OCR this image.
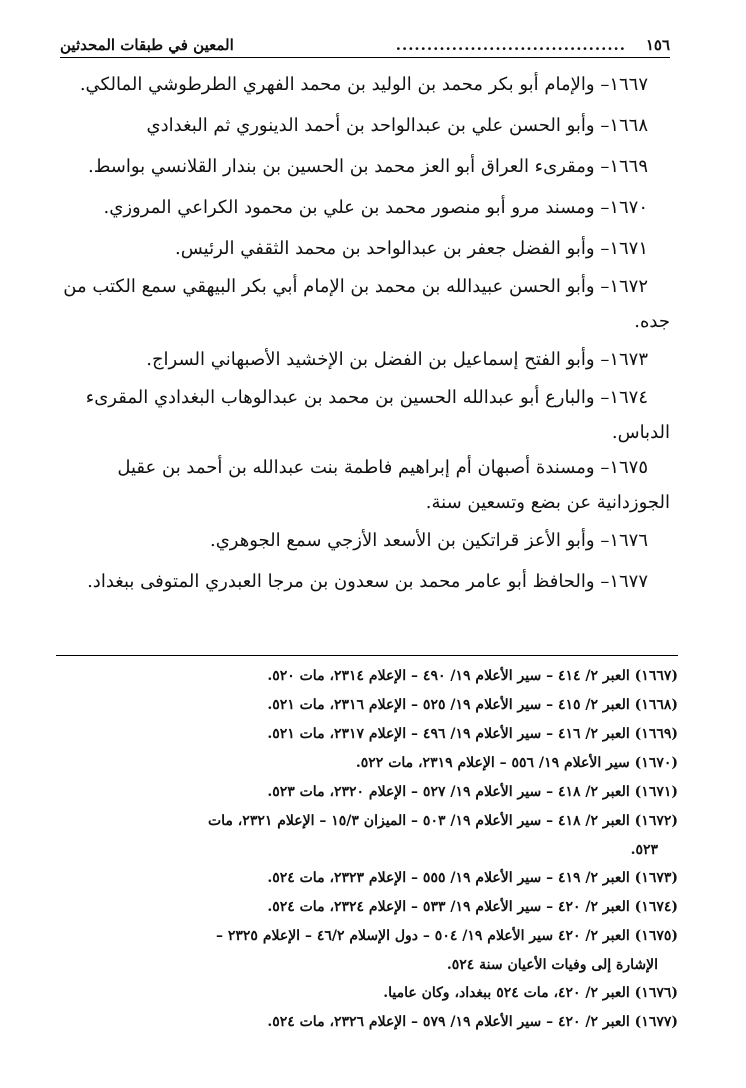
١٥٦
.....................................
المعين في طبقات المحدثين
١٦٦٧– والإمام أبو بكر محمد بن الوليد بن محمد الفهري الطرطوشي المالكي.
١٦٦٨– وأبو الحسن علي بن عبدالواحد بن أحمد الدينوري ثم البغدادي
١٦٦٩– ومقرىء العراق أبو العز محمد بن الحسين بن بندار القلانسي بواسط.
١٦٧٠– ومسند مرو أبو منصور محمد بن علي بن محمود الكراعي المروزي.
١٦٧١– وأبو الفضل جعفر بن عبدالواحد بن محمد الثقفي الرئيس.
١٦٧٢– وأبو الحسن عبيدالله بن محمد بن الإمام أبي بكر البيهقي سمع الكتب من
جده.
١٦٧٣– وأبو الفتح إسماعيل بن الفضل بن الإخشيد الأصبهاني السراج.
١٦٧٤– والبارع أبو عبدالله الحسين بن محمد بن عبدالوهاب البغدادي المقرىء
الدباس.
١٦٧٥– ومسندة أصبهان أم إبراهيم فاطمة بنت عبدالله بن أحمد بن عقيل
الجوزدانية عن بضع وتسعين سنة.
١٦٧٦– وأبو الأعز قراتكين بن الأسعد الأزجي سمع الجوهري.
١٦٧٧– والحافظ أبو عامر محمد بن سعدون بن مرجا العبدري المتوفى ببغداد.
(١٦٦٧) العبر ٢/ ٤١٤ – سير الأعلام ١٩/ ٤٩٠ – الإعلام ٢٣١٤، مات ٥٢٠.
(١٦٦٨) العبر ٢/ ٤١٥ – سير الأعلام ١٩/ ٥٢٥ – الإعلام ٢٣١٦، مات ٥٢١.
(١٦٦٩) العبر ٢/ ٤١٦ – سير الأعلام ١٩/ ٤٩٦ – الإعلام ٢٣١٧، مات ٥٢١.
(١٦٧٠) سير الأعلام ١٩/ ٥٥٦ – الإعلام ٢٣١٩، مات ٥٢٢.
(١٦٧١) العبر ٢/ ٤١٨ – سير الأعلام ١٩/ ٥٢٧ – الإعلام ٢٣٢٠، مات ٥٢٣.
(١٦٧٢) العبر ٢/ ٤١٨ – سير الأعلام ١٩/ ٥٠٣ – الميزان ١٥/٣ – الإعلام ٢٣٢١، مات
٥٢٣.
(١٦٧٣) العبر ٢/ ٤١٩ – سير الأعلام ١٩/ ٥٥٥ – الإعلام ٢٣٢٣، مات ٥٢٤.
(١٦٧٤) العبر ٢/ ٤٢٠ – سير الأعلام ١٩/ ٥٣٣ – الإعلام ٢٣٢٤، مات ٥٢٤.
(١٦٧٥) العبر ٢/ ٤٢٠ سير الأعلام ١٩/ ٥٠٤ – دول الإسلام ٤٦/٢ – الإعلام ٢٣٢٥ –
الإشارة إلى وفيات الأعيان سنة ٥٢٤.
(١٦٧٦) العبر ٢/ ٤٢٠، مات ٥٢٤ ببغداد، وكان عاميا.
(١٦٧٧) العبر ٢/ ٤٢٠ – سير الأعلام ١٩/ ٥٧٩ – الإعلام ٢٣٢٦، مات ٥٢٤.
